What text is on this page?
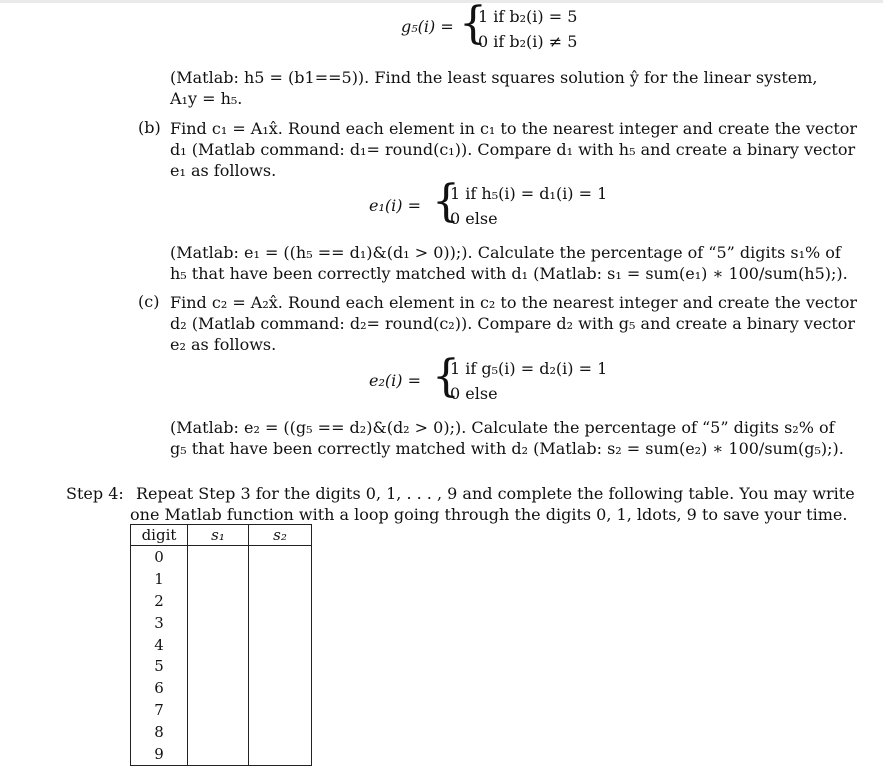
g₅(i) = {
1 if b₂(i) = 5
0 if b₂(i) ≠ 5
(Matlab: h5 = (b1==5)). Find the least squares solution ŷ for the linear system,
A₁y = h₅.
(b) Find c₁ = A₁x̂. Round each element in c₁ to the nearest integer and create the vector
d₁ (Matlab command: d₁= round(c₁)). Compare d₁ with h₅ and create a binary vector
e₁ as follows.
e₁(i) = {
1 if h₅(i) = d₁(i) = 1
0 else
(Matlab: e₁ = ((h₅ == d₁)&(d₁ > 0));). Calculate the percentage of “5” digits s₁% of
h₅ that have been correctly matched with d₁ (Matlab: s₁ = sum(e₁) ∗ 100/sum(h5);).
(c) Find c₂ = A₂x̂. Round each element in c₂ to the nearest integer and create the vector
d₂ (Matlab command: d₂= round(c₂)). Compare d₂ with g₅ and create a binary vector
e₂ as follows.
e₂(i) = {
1 if g₅(i) = d₂(i) = 1
0 else
(Matlab: e₂ = ((g₅ == d₂)&(d₂ > 0);). Calculate the percentage of “5” digits s₂% of
g₅ that have been correctly matched with d₂ (Matlab: s₂ = sum(e₂) ∗ 100/sum(g₅);).
Step 4: Repeat Step 3 for the digits 0, 1, . . . , 9 and complete the following table. You may write
one Matlab function with a loop going through the digits 0, 1, ldots, 9 to save your time.
digit	s₁	s₂
0		
1		
2		
3		
4		
5		
6		
7		
8		
9		
